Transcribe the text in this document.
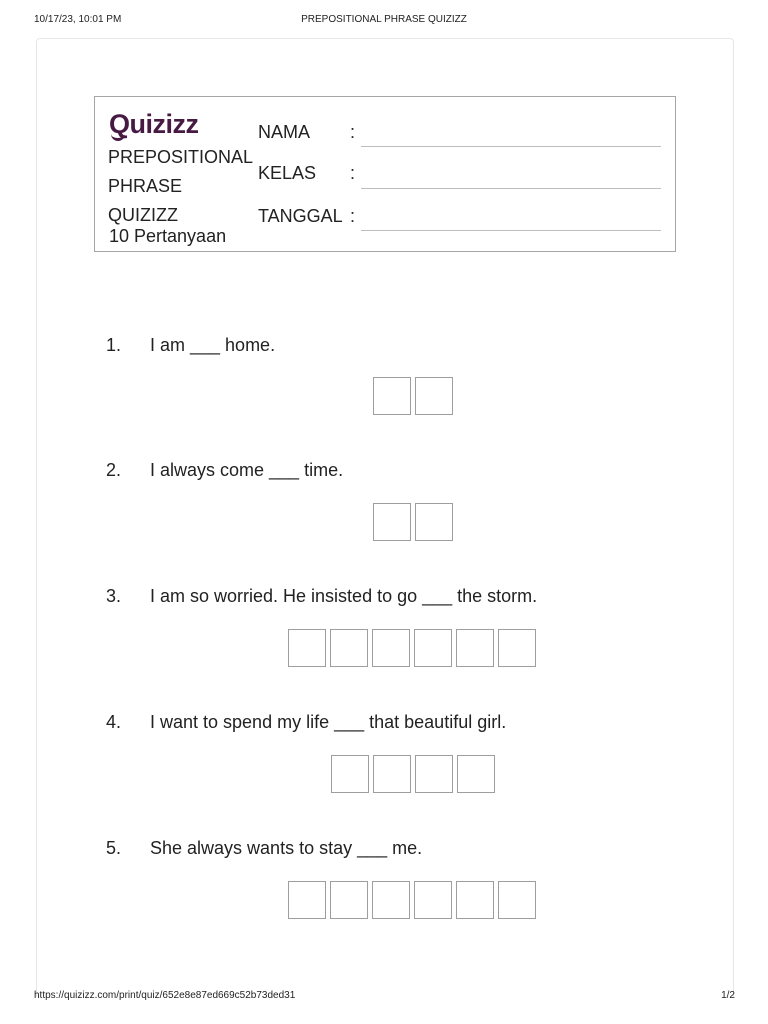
10/17/23, 10:01 PM	PREPOSITIONAL PHRASE QUIZIZZ
Quizizz
PREPOSITIONAL
PHRASE
QUIZIZZ
10 Pertanyaan
NAMA :
KELAS :
TANGGAL :
1. I am ___ home.
2. I always come ___ time.
3. I am so worried. He insisted to go ___ the storm.
4. I want to spend my life ___ that beautiful girl.
5. She always wants to stay ___ me.
https://quizizz.com/print/quiz/652e8e87ed669c52b73ded31	1/2
